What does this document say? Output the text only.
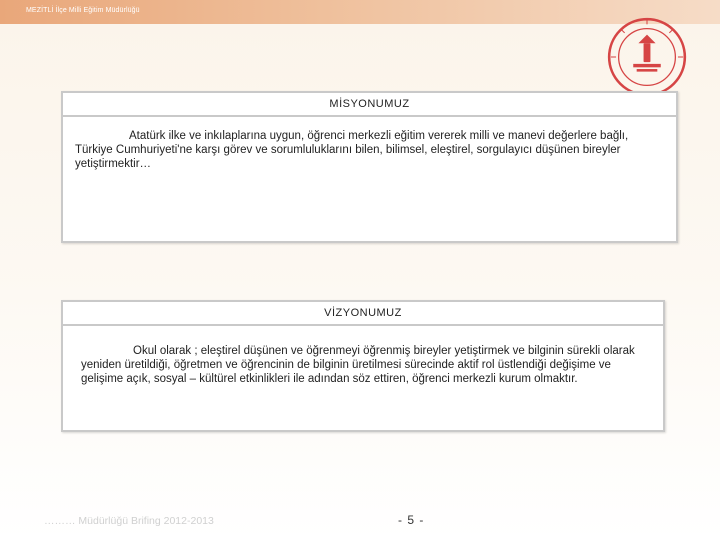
MEZİTLİ İlçe Milli Eğitim Müdürlüğü
MİSYONUMUZ
Atatürk ilke ve inkılaplarına uygun, öğrenci merkezli eğitim vererek milli ve manevi değerlere bağlı, Türkiye Cumhuriyeti'ne karşı görev ve sorumluluklarını bilen, bilimsel, eleştirel, sorgulayıcı düşünen bireyler yetiştirmektir…
VİZYONUMUZ
Okul olarak ; eleştirel düşünen ve öğrenmeyi öğrenmiş bireyler yetiştirmek ve bilginin sürekli olarak yeniden üretildiği, öğretmen ve öğrencinin de bilginin üretilmesi sürecinde aktif rol üstlendiği değişime ve gelişime açık, sosyal – kültürel etkinlikleri ile adından söz ettiren, öğrenci merkezli kurum olmaktır.
……… Müdürlüğü Brifing 2012-2013	- 5 -
